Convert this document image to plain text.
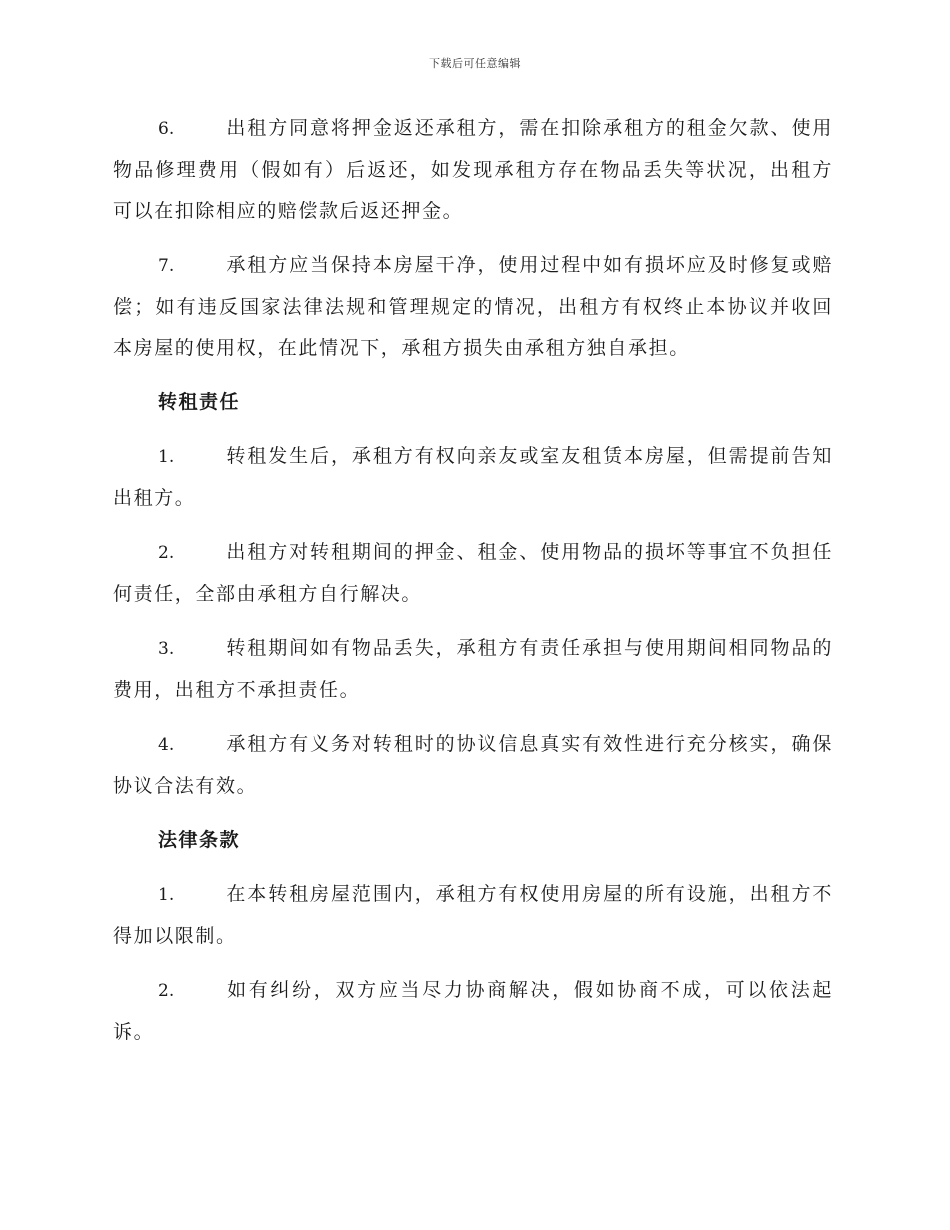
下载后可任意编辑

6.	出租方同意将押金返还承租方，需在扣除承租方的租金欠款、使用物品修理费用（假如有）后返还，如发现承租方存在物品丢失等状况，出租方可以在扣除相应的赔偿款后返还押金。

7.	承租方应当保持本房屋干净，使用过程中如有损坏应及时修复或赔偿；如有违反国家法律法规和管理规定的情况，出租方有权终止本协议并收回本房屋的使用权，在此情况下，承租方损失由承租方独自承担。

转租责任

1.	转租发生后，承租方有权向亲友或室友租赁本房屋，但需提前告知出租方。

2.	出租方对转租期间的押金、租金、使用物品的损坏等事宜不负担任何责任，全部由承租方自行解决。

3.	转租期间如有物品丢失，承租方有责任承担与使用期间相同物品的费用，出租方不承担责任。

4.	承租方有义务对转租时的协议信息真实有效性进行充分核实，确保协议合法有效。

法律条款

1.	在本转租房屋范围内，承租方有权使用房屋的所有设施，出租方不得加以限制。

2.	如有纠纷，双方应当尽力协商解决，假如协商不成，可以依法起诉。
